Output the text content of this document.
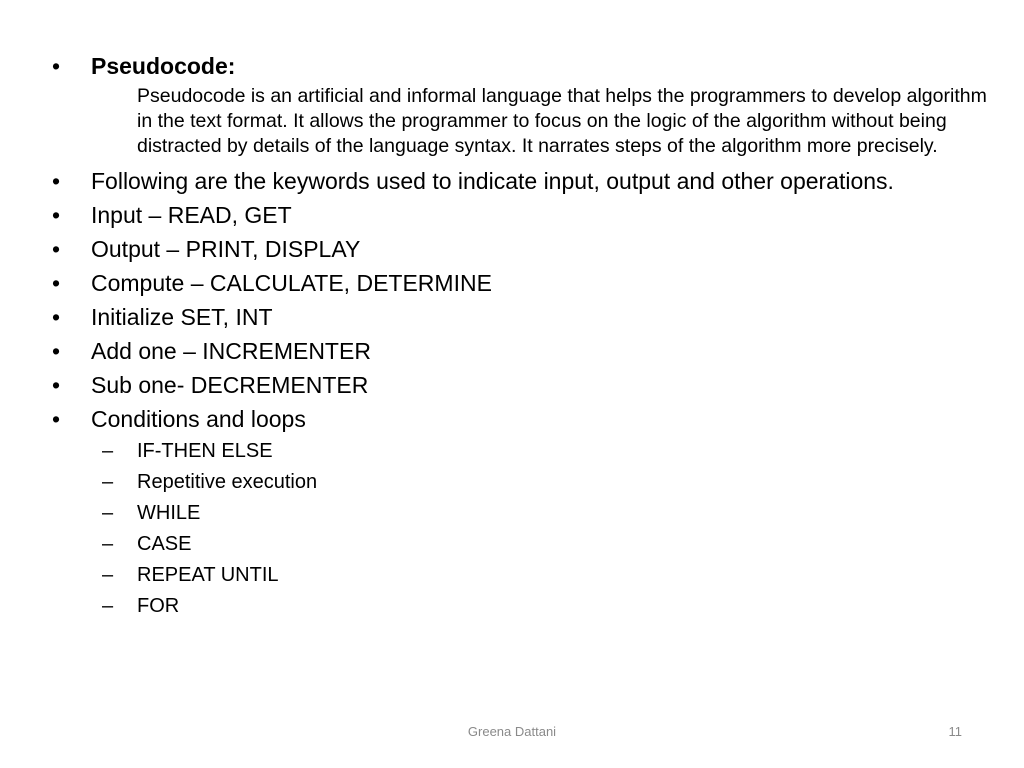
•	Pseudocode:
Pseudocode is an artificial and informal language that helps the programmers to develop algorithm in the text format. It allows the programmer to focus on the logic of the algorithm without being distracted by details of the language syntax. It narrates steps of the algorithm more precisely.
•	Following are the keywords used to indicate input, output and other operations.
•	Input – READ, GET
•	Output – PRINT, DISPLAY
•	Compute – CALCULATE, DETERMINE
•	Initialize SET, INT
•	Add one – INCREMENTER
•	Sub one- DECREMENTER
•	Conditions and loops
–	IF-THEN ELSE
–	Repetitive execution
–	WHILE
–	CASE
–	REPEAT UNTIL
–	FOR
Greena Dattani	11
